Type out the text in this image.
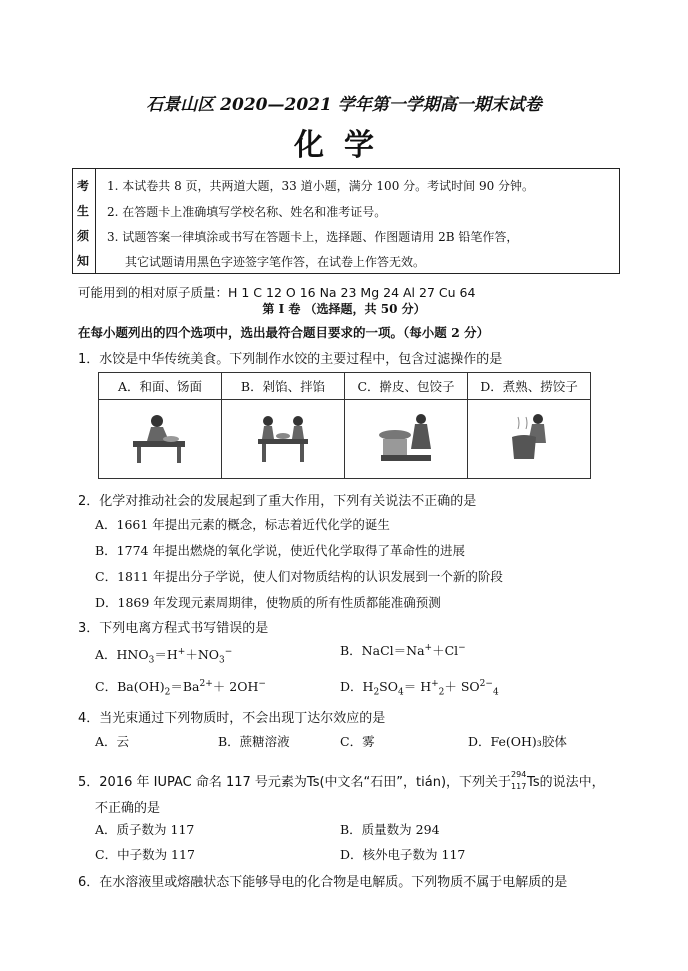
石景山区 2020—2021 学年第一学期高一期末试卷
化学
考
生
须
知
1. 本试卷共 8 页，共两道大题，33 道小题，满分 100 分。考试时间 90 分钟。
2. 在答题卡上准确填写学校名称、姓名和准考证号。
3. 试题答案一律填涂或书写在答题卡上，选择题、作图题请用 2B 铅笔作答，
其它试题请用黑色字迹签字笔作答，在试卷上作答无效。
可能用到的相对原子质量：H 1 C 12 O 16 Na 23 Mg 24 Al 27 Cu 64
第 I 卷 （选择题，共 50 分）
在每小题列出的四个选项中，选出最符合题目要求的一项。（每小题 2 分）
1．水饺是中华传统美食。下列制作水饺的主要过程中，包含过滤操作的是
A．和面、饧面	B．剁馅、拌馅	C．擀皮、包饺子	D．煮熟、捞饺子

2．化学对推动社会的发展起到了重大作用，下列有关说法不正确的是
A．1661 年提出元素的概念，标志着近代化学的诞生
B．1774 年提出燃烧的氧化学说，使近代化学取得了革命性的进展
C．1811 年提出分子学说，使人们对物质结构的认识发展到一个新的阶段
D．1869 年发现元素周期律，使物质的所有性质都能准确预测
3．下列电离方程式书写错误的是
A．$HNO_3=H^++NO_3^-$	B．NaCl＝Na+＋Cl−
C．$Ba(OH)_2=Ba^{2+}+ 2OH^-$	D．$H_2SO_4= H^+_2+ SO^{2-}_4$
4．当光束通过下列物质时，不会出现丁达尔效应的是
A．云	B．蔗糖溶液	C．雾	D．Fe(OH)₃胶体
5．2016 年 IUPAC 命名 117 号元素为Ts(中文名“石田”，tián)，下列关于
294
117 Ts的说法中，
不正确的是
A．质子数为 117	B．质量数为 294
C．中子数为 117	D．核外电子数为 117
6．在水溶液里或熔融状态下能够导电的化合物是电解质。下列物质不属于电解质的是
